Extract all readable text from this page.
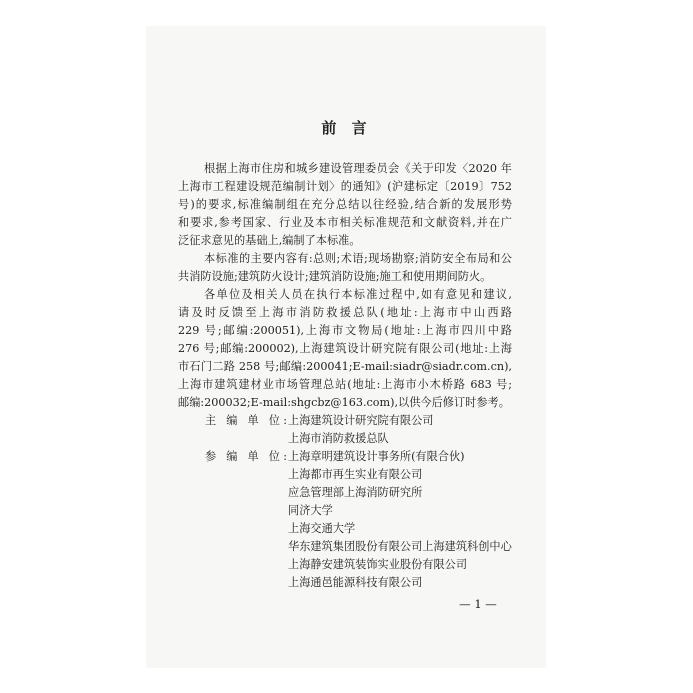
前 言
根据上海市住房和城乡建设管理委员会《关于印发〈2020 年
上海市工程建设规范编制计划〉的通知》(沪建标定〔2019〕752
号)的要求,标准编制组在充分总结以往经验,结合新的发展形势
和要求,参考国家、行业及本市相关标准规范和文献资料,并在广
泛征求意见的基础上,编制了本标准。
本标准的主要内容有:总则;术语;现场勘察;消防安全布局和公
共消防设施;建筑防火设计;建筑消防设施;施工和使用期间防火。
各单位及相关人员在执行本标准过程中,如有意见和建议,
请及时反馈至上海市消防救援总队(地址:上海市中山西路
229 号;邮编:200051),上海市文物局(地址:上海市四川中路
276 号;邮编:200002),上海建筑设计研究院有限公司(地址:上海
市石门二路 258 号;邮编:200041;E-mail:siadr@siadr.com.cn),
上海市建筑建材业市场管理总站(地址:上海市小木桥路 683 号;
邮编:200032;E-mail:shgcbz@163.com),以供今后修订时参考。
主 编 单 位: 上海建筑设计研究院有限公司
上海市消防救援总队
参 编 单 位: 上海章明建筑设计事务所(有限合伙)
上海都市再生实业有限公司
应急管理部上海消防研究所
同济大学
上海交通大学
华东建筑集团股份有限公司上海建筑科创中心
上海静安建筑装饰实业股份有限公司
上海通邑能源科技有限公司
— 1 —
